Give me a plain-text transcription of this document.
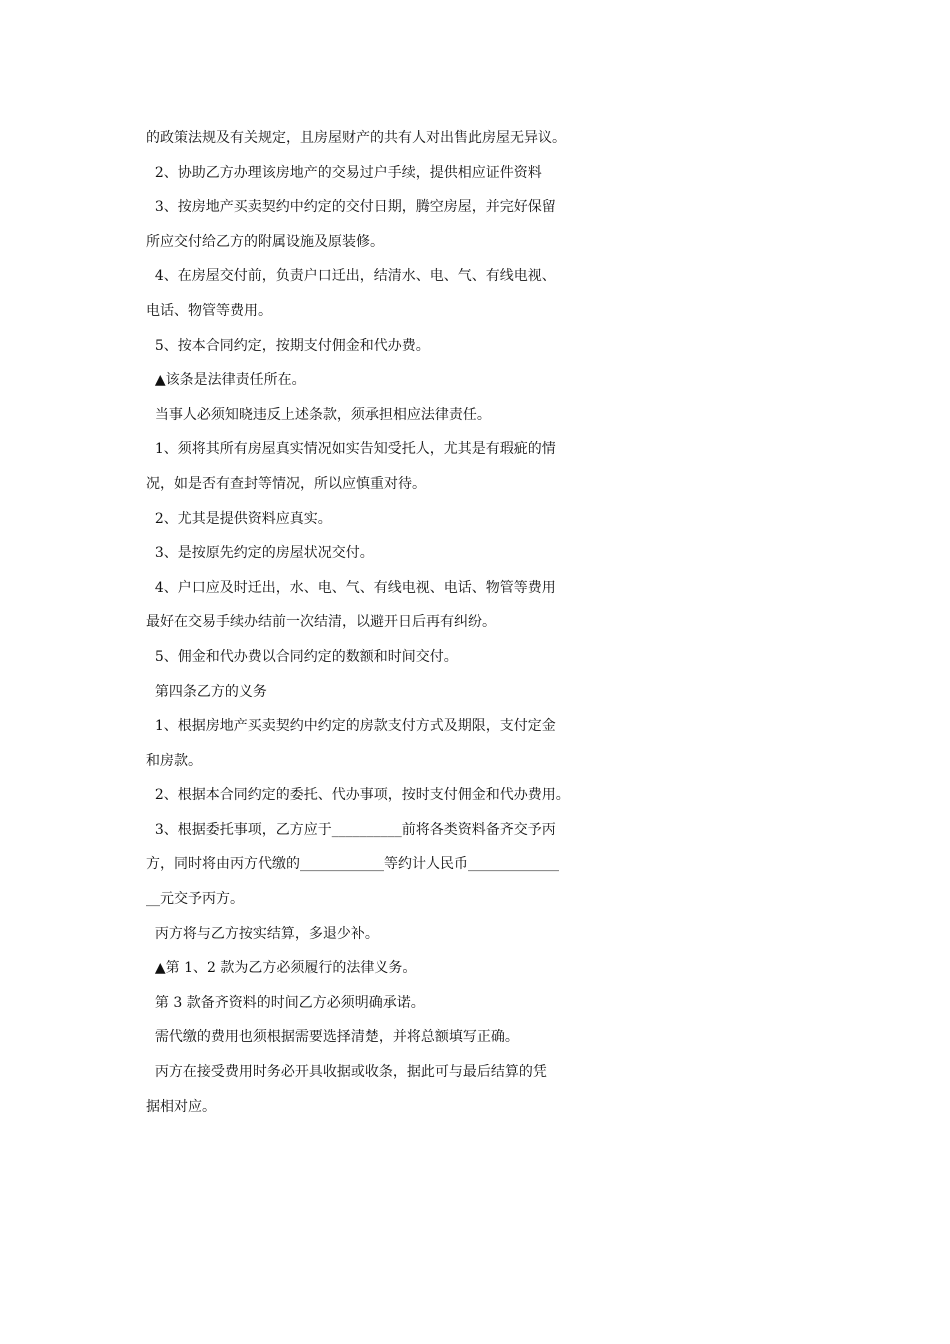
的政策法规及有关规定，且房屋财产的共有人对出售此房屋无异议。
2、协助乙方办理该房地产的交易过户手续，提供相应证件资料
3、按房地产买卖契约中约定的交付日期，腾空房屋，并完好保留
所应交付给乙方的附属设施及原装修。
4、在房屋交付前，负责户口迁出，结清水、电、气、有线电视、
电话、物管等费用。
5、按本合同约定，按期支付佣金和代办费。
▲该条是法律责任所在。
当事人必须知晓违反上述条款，须承担相应法律责任。
1、须将其所有房屋真实情况如实告知受托人，尤其是有瑕疵的情
况，如是否有查封等情况，所以应慎重对待。
2、尤其是提供资料应真实。
3、是按原先约定的房屋状况交付。
4、户口应及时迁出，水、电、气、有线电视、电话、物管等费用
最好在交易手续办结前一次结清，以避开日后再有纠纷。
5、佣金和代办费以合同约定的数额和时间交付。
第四条乙方的义务
1、根据房地产买卖契约中约定的房款支付方式及期限，支付定金
和房款。
2、根据本合同约定的委托、代办事项，按时支付佣金和代办费用。
3、根据委托事项，乙方应于__________前将各类资料备齐交予丙
方，同时将由丙方代缴的____________等约计人民币_____________
__元交予丙方。
丙方将与乙方按实结算，多退少补。
▲第 1、2 款为乙方必须履行的法律义务。
第 3 款备齐资料的时间乙方必须明确承诺。
需代缴的费用也须根据需要选择清楚，并将总额填写正确。
丙方在接受费用时务必开具收据或收条，据此可与最后结算的凭
据相对应。
